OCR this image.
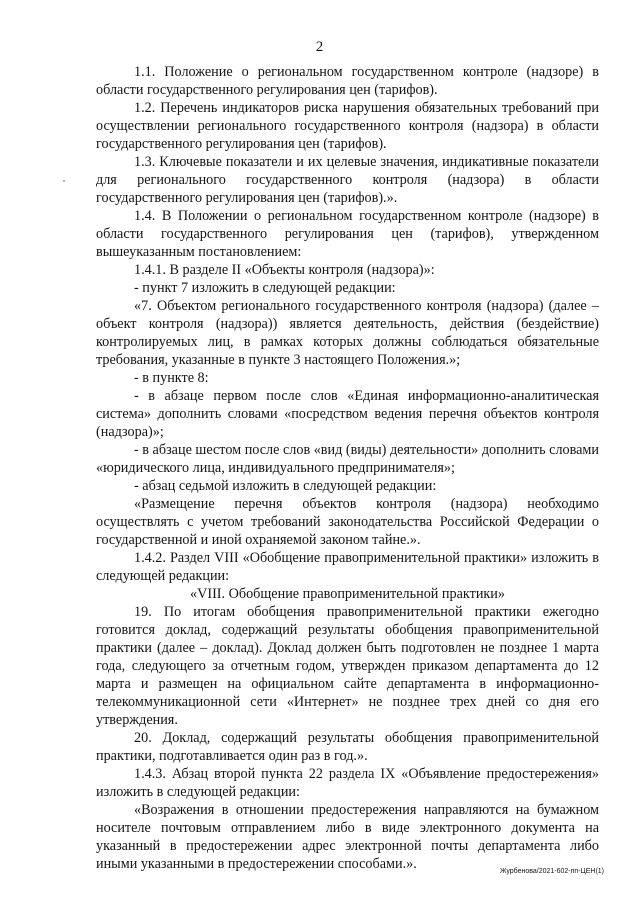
2

1.1. Положение о региональном государственном контроле (надзоре) в области государственного регулирования цен (тарифов).

1.2. Перечень индикаторов риска нарушения обязательных требований при осуществлении регионального государственного контроля (надзора) в области государственного регулирования цен (тарифов).

1.3. Ключевые показатели и их целевые значения, индикативные показатели для регионального государственного контроля (надзора) в области государственного регулирования цен (тарифов).».

1.4. В Положении о региональном государственном контроле (надзоре) в области государственного регулирования цен (тарифов), утвержденном вышеуказанным постановлением:

1.4.1. В разделе II «Объекты контроля (надзора)»:

- пункт 7 изложить в следующей редакции:

«7. Объектом регионального государственного контроля (надзора) (далее – объект контроля (надзора)) является деятельность, действия (бездействие) контролируемых лиц, в рамках которых должны соблюдаться обязательные требования, указанные в пункте 3 настоящего Положения.»;

- в пункте 8:

- в абзаце первом после слов «Единая информационно-аналитическая система» дополнить словами «посредством ведения перечня объектов контроля (надзора)»;

- в абзаце шестом после слов «вид (виды) деятельности» дополнить словами «юридического лица, индивидуального предпринимателя»;

- абзац седьмой изложить в следующей редакции:

«Размещение перечня объектов контроля (надзора) необходимо осуществлять с учетом требований законодательства Российской Федерации о государственной и иной охраняемой законом тайне.».

1.4.2. Раздел VIII «Обобщение правоприменительной практики» изложить в следующей редакции:

«VIII. Обобщение правоприменительной практики»

19. По итогам обобщения правоприменительной практики ежегодно готовится доклад, содержащий результаты обобщения правоприменительной практики (далее – доклад). Доклад должен быть подготовлен не позднее 1 марта года, следующего за отчетным годом, утвержден приказом департамента до 12 марта и размещен на официальном сайте департамента в информационно-телекоммуникационной сети «Интернет» не позднее трех дней со дня его утверждения.

20. Доклад, содержащий результаты обобщения правоприменительной практики, подготавливается один раз в год.».

1.4.3. Абзац второй пункта 22 раздела IX «Объявление предостережения» изложить в следующей редакции:

«Возражения в отношении предостережения направляются на бумажном носителе почтовым отправлением либо в виде электронного документа на указанный в предостережении адрес электронной почты департамента либо иными указанными в предостережении способами.».	Журбенова/2021-602-пп-ЦЕН(1)
